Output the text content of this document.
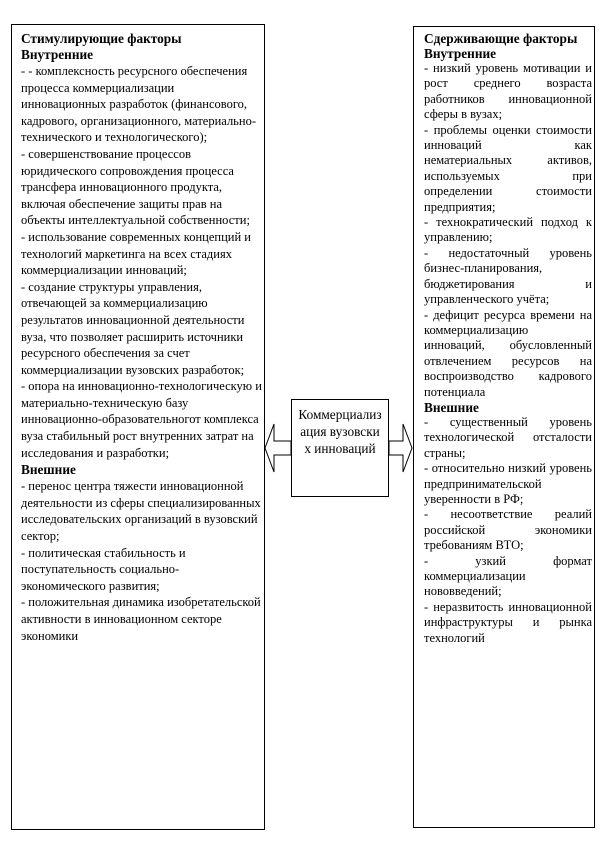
Стимулирующие факторы
Внутренние
- - комплексность ресурсного обеспечения процесса коммерциализации инновационных разработок (финансового, кадрового, организационного, материально-технического и технологического);
- совершенствование процессов юридического сопровождения процесса трансфера инновационного продукта, включая обеспечение защиты прав на объекты интеллектуальной собственности;
- использование современных концепций и технологий маркетинга на всех стадиях коммерциализации инноваций;
- создание структуры управления, отвечающей за коммерциализацию результатов инновационной деятельности вуза, что позволяет расширить источники ресурсного обеспечения за счет коммерциализации вузовских разработок;
- опора на инновационно-технологическую и материально-техническую базу инновационно-образовательногот комплекса вуза стабильный рост внутренних затрат на исследования и разработки;
Внешние
- перенос центра тяжести инновационной деятельности из сферы специализированных исследовательских организаций в вузовский сектор;
- политическая стабильность и поступательность социально-экономического развития;
- положительная динамика изобретательской активности в инновационном секторе экономики
Коммерциализация вузовских инноваций
Сдерживающие факторы
Внутренние
- низкий уровень мотивации и рост среднего возраста работников инновационной сферы в вузах;
- проблемы оценки стоимости инноваций как нематериальных активов, используемых при определении стоимости предприятия;
- технократический подход к управлению;
- недостаточный уровень бизнес-планирования, бюджетирования и управленческого учёта;
- дефицит ресурса времени на коммерциализацию инноваций, обусловленный отвлечением ресурсов на воспроизводство кадрового потенциала
Внешние
- существенный уровень технологической отсталости страны;
- относительно низкий уровень предпринимательской уверенности в РФ;
- несоответствие реалий российской экономики требованиям ВТО;
- узкий формат коммерциализации нововведений;
- неразвитость инновационной инфраструктуры и рынка технологий
